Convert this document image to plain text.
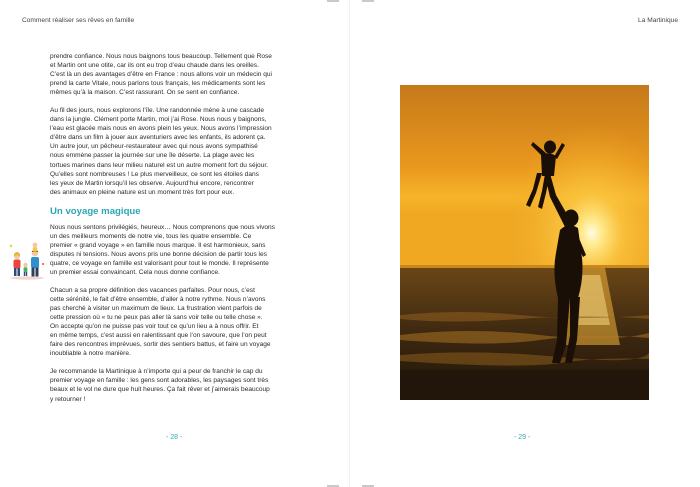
Comment réaliser ses rêves en famille

prendre confiance. Nous nous baignons tous beaucoup. Tellement que Rose
et Martin ont une otite, car ils ont eu trop d’eau chaude dans les oreilles.
C’est là un des avantages d’être en France : nous allons voir un médecin qui
prend la carte Vitale, nous parlons tous français, les médicaments sont les
mêmes qu’à la maison. C’est rassurant. On se sent en confiance.

Au fil des jours, nous explorons l’île. Une randonnée mène à une cascade
dans la jungle. Clément porte Martin, moi j’ai Rose. Nous nous y baignons,
l’eau est glacée mais nous en avons plein les yeux. Nous avons l’impression
d’être dans un film à jouer aux aventuriers avec les enfants, ils adorent ça.
Un autre jour, un pêcheur-restaurateur avec qui nous avons sympathisé
nous emmène passer la journée sur une île déserte. La plage avec les
tortues marines dans leur milieu naturel est un autre moment fort du séjour.
Qu’elles sont nombreuses ! Le plus merveilleux, ce sont les étoiles dans
les yeux de Martin lorsqu’il les observe. Aujourd’hui encore, rencontrer
des animaux en pleine nature est un moment très fort pour eux.

Un voyage magique

Nous nous sentons privilégiés, heureux… Nous comprenons que nous vivons
un des meilleurs moments de notre vie, tous les quatre ensemble. Ce
premier « grand voyage » en famille nous marque. Il est harmonieux, sans
disputes ni tensions. Nous avons pris une bonne décision de partir tous les
quatre, ce voyage en famille est valorisant pour tout le monde. Il représente
un premier essai convaincant. Cela nous donne confiance.

Chacun a sa propre définition des vacances parfaites. Pour nous, c’est
cette sérénité, le fait d’être ensemble, d’aller à notre rythme. Nous n’avons
pas cherché à visiter un maximum de lieux. La frustration vient parfois de
cette pression où « tu ne peux pas aller là sans voir telle ou telle chose ».
On accepte qu’on ne puisse pas voir tout ce qu’un lieu a à nous offrir. Et
en même temps, c’est aussi en ralentissant que l’on savoure, que l’on peut
faire des rencontres imprévues, sortir des sentiers battus, et faire un voyage
inoubliable à notre manière.

Je recommande la Martinique à n’importe qui a peur de franchir le cap du
premier voyage en famille : les gens sont adorables, les paysages sont très
beaux et le vol ne dure que huit heures. Ça fait rêver et j’aimerais beaucoup
y retourner !

- 28 -
La Martinique
- 29 -
